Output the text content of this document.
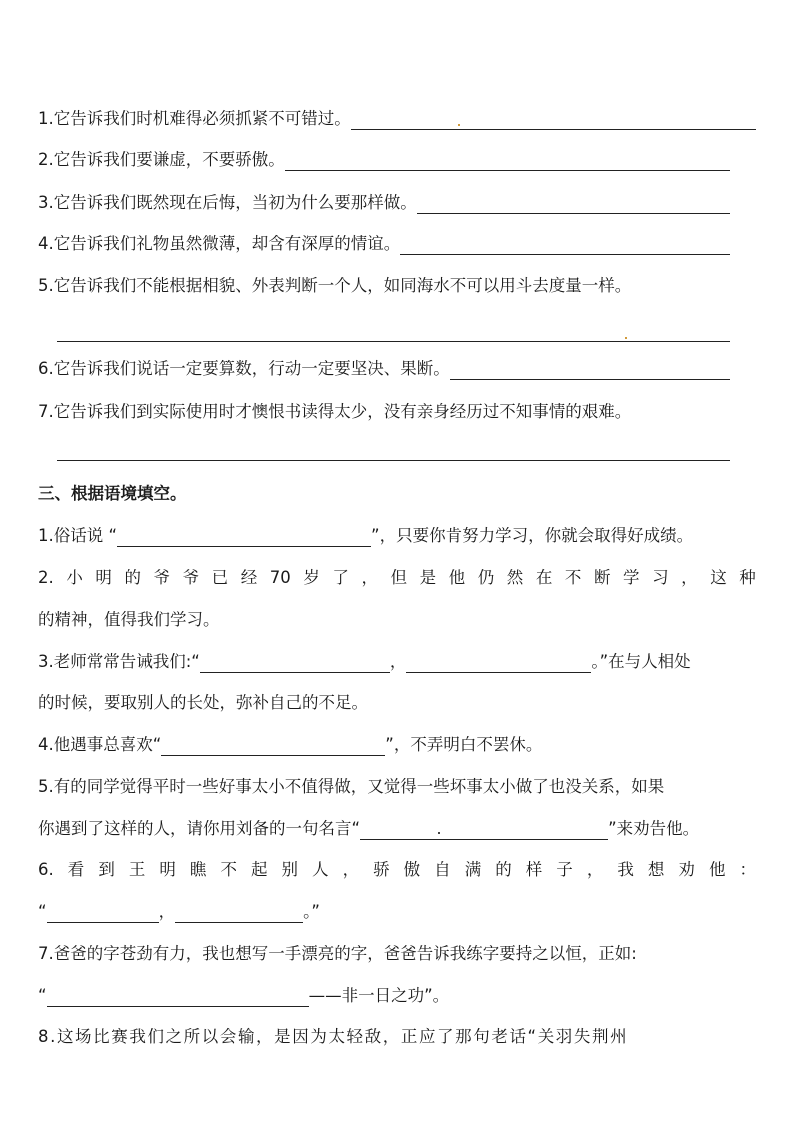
1.它告诉我们时机难得必须抓紧不可错过。
2.它告诉我们要谦虚，不要骄傲。
3.它告诉我们既然现在后悔，当初为什么要那样做。
4.它告诉我们礼物虽然微薄，却含有深厚的情谊。
5.它告诉我们不能根据相貌、外表判断一个人，如同海水不可以用斗去度量一样。
6.它告诉我们说话一定要算数，行动一定要坚决、果断。
7.它告诉我们到实际使用时才懊恨书读得太少，没有亲身经历过不知事情的艰难。
三、根据语境填空。
1.俗话说 “	”，只要你肯努力学习，你就会取得好成绩。
2. 小 明 的 爷 爷 已 经 70 岁 了 ， 但 是 他 仍 然 在 不 断 学 习 ， 这 种
的精神，值得我们学习。
3.老师常常告诫我们:“	，	。”在与人相处
的时候，要取别人的长处，弥补自己的不足。
4.他遇事总喜欢“	”，不弄明白不罢休。
5.有的同学觉得平时一些好事太小不值得做，又觉得一些坏事太小做了也没关系，如果
你遇到了这样的人，请你用刘备的一句名言“	”来劝告他。
6. 看 到 王 明 瞧 不 起 别 人 ， 骄 傲 自 满 的 样 子 ， 我 想 劝 他 ：
“	，	。”
7.爸爸的字苍劲有力，我也想写一手漂亮的字，爸爸告诉我练字要持之以恒，正如:
“	——非一日之功”。
8.这场比赛我们之所以会输，是因为太轻敌，正应了那句老话“关羽失荆州
